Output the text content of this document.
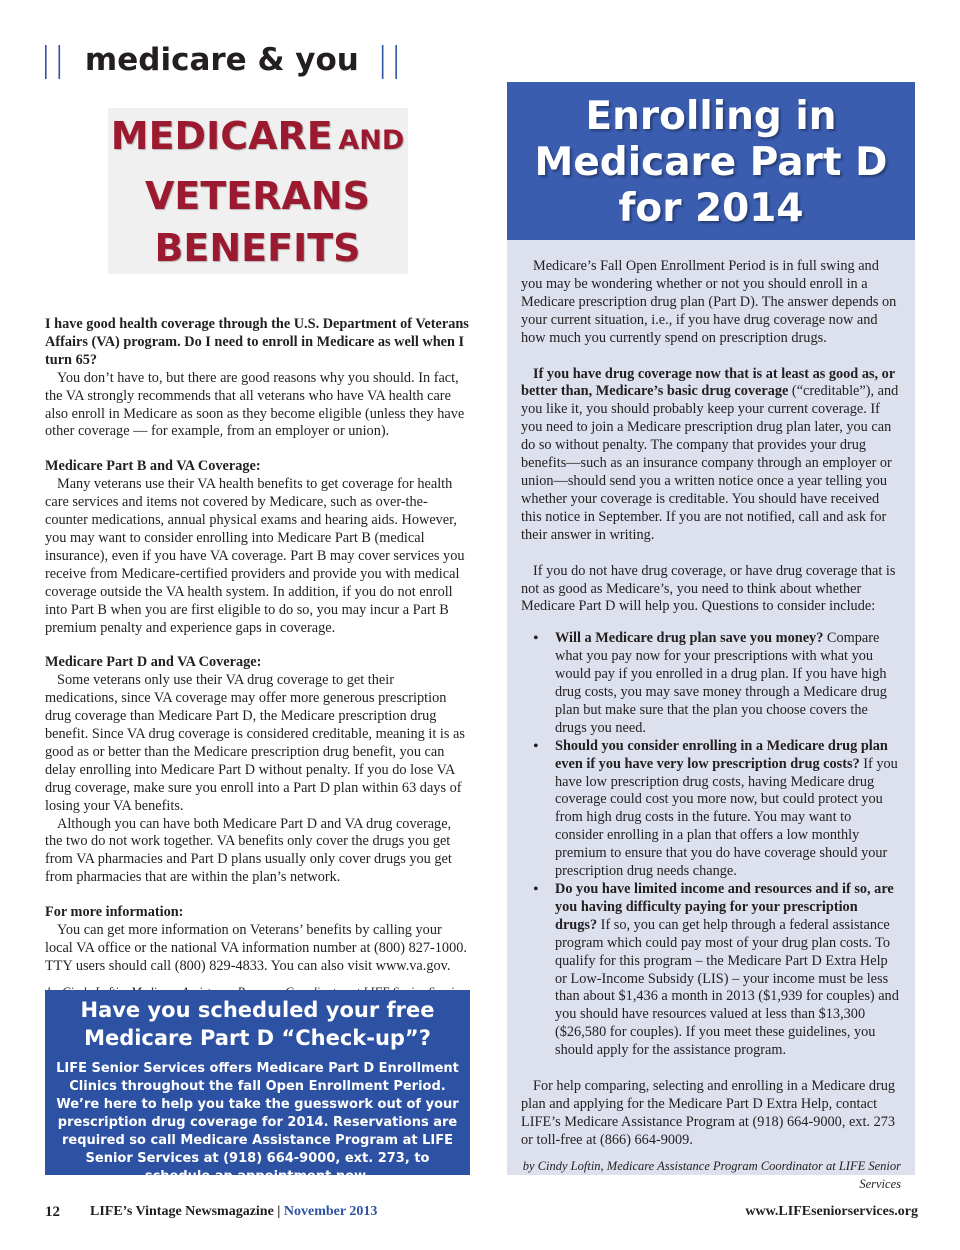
|| medicare & you ||
MEDICARE AND
VETERANS
BENEFITS

I have good health coverage through the U.S. Department of Veterans Affairs (VA) program. Do I need to enroll in Medicare as well when I turn 65?

You don’t have to, but there are good reasons why you should. In fact, the VA strongly recommends that all veterans who have VA health care also enroll in Medicare as soon as they become eligible (unless they have other coverage — for example, from an employer or union).

Medicare Part B and VA Coverage:

Many veterans use their VA health benefits to get coverage for health care services and items not covered by Medicare, such as over-the-counter medications, annual physical exams and hearing aids. However, you may want to consider enrolling into Medicare Part B (medical insurance), even if you have VA coverage. Part B may cover services you receive from Medicare-certified providers and provide you with medical coverage outside the VA health system. In addition, if you do not enroll into Part B when you are first eligible to do so, you may incur a Part B premium penalty and experience gaps in coverage.

Medicare Part D and VA Coverage:

Some veterans only use their VA drug coverage to get their medications, since VA coverage may offer more generous prescription drug coverage than Medicare Part D, the Medicare prescription drug benefit. Since VA drug coverage is considered creditable, meaning it is as good as or better than the Medicare prescription drug benefit, you can delay enrolling into Medicare Part D without penalty. If you do lose VA drug coverage, make sure you enroll into a Part D plan within 63 days of losing your VA benefits.

Although you can have both Medicare Part D and VA drug coverage, the two do not work together. VA benefits only cover the drugs you get from VA pharmacies and Part D plans usually only cover drugs you get from pharmacies that are within the plan’s network.

For more information:

You can get more information on Veterans’ benefits by calling your local VA office or the national VA information number at (800) 827-1000. TTY users should call (800) 829-4833. You can also visit www.va.gov.

Have you scheduled your free Medicare Part D “Check-up”?
LIFE Senior Services offers Medicare Part D Enrollment Clinics throughout the fall Open Enrollment Period. We’re here to help you take the guesswork out of your prescription drug coverage for 2014. Reservations are required so call Medicare Assistance Program at LIFE Senior Services at (918) 664-9000, ext. 273, to schedule an appointment now.
Enrolling in
Medicare Part D
for 2014

Medicare’s Fall Open Enrollment Period is in full swing and you may be wondering whether or not you should enroll in a Medicare prescription drug plan (Part D). The answer depends on your current situation, i.e., if you have drug coverage now and how much you currently spend on prescription drugs.

If you have drug coverage now that is at least as good as, or better than, Medicare’s basic drug coverage (“creditable”), and you like it, you should probably keep your current coverage. If you need to join a Medicare prescription drug plan later, you can do so without penalty. The company that provides your drug benefits—such as an insurance company through an employer or union—should send you a written notice once a year telling you whether your coverage is creditable. You should have received this notice in September. If you are not notified, call and ask for their answer in writing.

If you do not have drug coverage, or have drug coverage that is not as good as Medicare’s, you need to think about whether Medicare Part D will help you. Questions to consider include:

• Will a Medicare drug plan save you money? Compare what you pay now for your prescriptions with what you would pay if you enrolled in a drug plan. If you have high drug costs, you may save money through a Medicare drug plan but make sure that the plan you choose covers the drugs you need.
• Should you consider enrolling in a Medicare drug plan even if you have very low prescription drug costs? If you have low prescription drug costs, having Medicare drug coverage could cost you more now, but could protect you from high drug costs in the future. You may want to consider enrolling in a plan that offers a low monthly premium to ensure that you do have coverage should your prescription drug needs change.
• Do you have limited income and resources and if so, are you having difficulty paying for your prescription drugs? If so, you can get help through a federal assistance program which could pay most of your drug plan costs. To qualify for this program – the Medicare Part D Extra Help or Low-Income Subsidy (LIS) – your income must be less than about $1,436 a month in 2013 ($1,939 for couples) and you should have resources valued at less than $13,300 ($26,580 for couples). If you meet these guidelines, you should apply for the assistance program.

For help comparing, selecting and enrolling in a Medicare drug plan and applying for the Medicare Part D Extra Help, contact LIFE’s Medicare Assistance Program at (918) 664-9000, ext. 273 or toll-free at (866) 664-9009.

by Cindy Loftin, Medicare Assistance Program Coordinator at LIFE Senior Services

12 LIFE’s Vintage Newsmagazine | November 2013	www.LIFEseniorservices.org
